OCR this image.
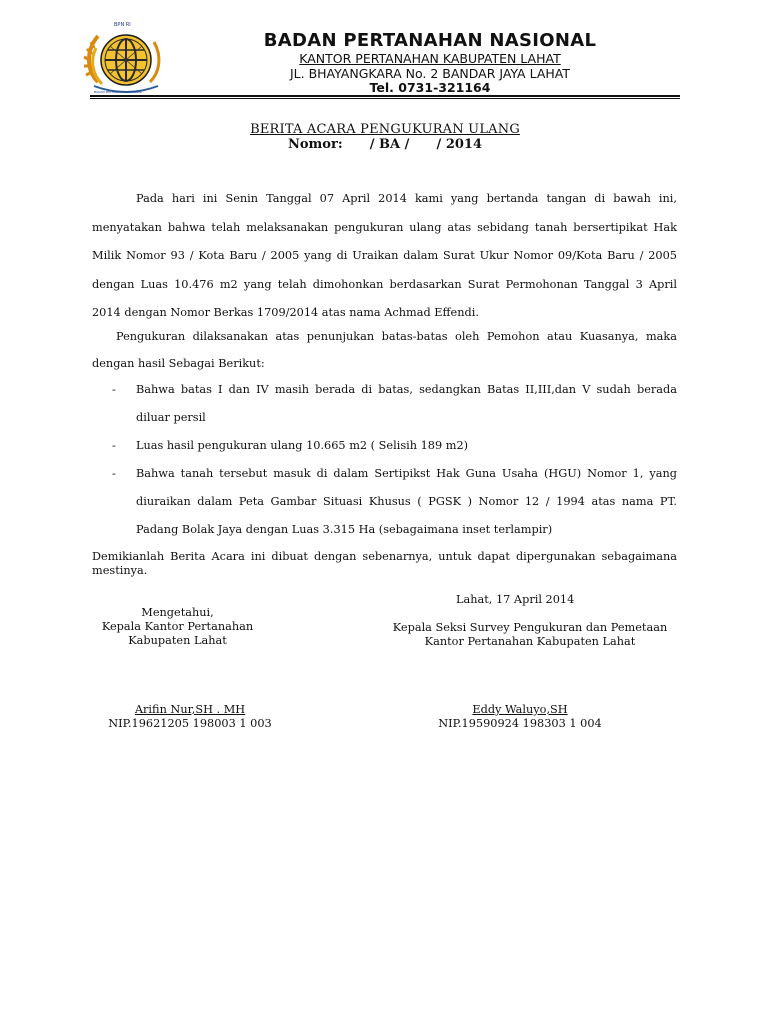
BPN RI
BADAN PERTANAHAN NASIONAL
BADAN PERTANAHAN NASIONAL
KANTOR PERTANAHAN KABUPATEN LAHAT
JL. BHAYANGKARA No. 2 BANDAR JAYA LAHAT
Tel. 0731-321164
BERITA ACARA PENGUKURAN ULANG
Nomor:      / BA /      / 2014
Pada hari ini Senin Tanggal 07 April 2014 kami yang bertanda tangan di bawah ini, menyatakan bahwa telah melaksanakan pengukuran ulang atas sebidang tanah bersertipikat Hak Milik Nomor 93 / Kota Baru / 2005 yang di Uraikan dalam Surat Ukur Nomor 09/Kota Baru / 2005 dengan Luas 10.476 m2 yang telah dimohonkan berdasarkan Surat Permohonan Tanggal 3 April 2014 dengan Nomor Berkas 1709/2014 atas nama Achmad Effendi.
Pengukuran dilaksanakan atas penunjukan batas-batas oleh Pemohon atau Kuasanya, maka dengan hasil Sebagai Berikut:
- Bahwa batas I dan IV masih berada di batas, sedangkan Batas II,III,dan V sudah berada diluar persil
- Luas hasil pengukuran ulang 10.665 m2 ( Selisih 189 m2)
- Bahwa tanah tersebut masuk di dalam Sertipikst Hak Guna Usaha (HGU) Nomor 1, yang diuraikan dalam Peta Gambar Situasi Khusus ( PGSK ) Nomor 12 / 1994 atas nama PT. Padang Bolak Jaya dengan Luas 3.315 Ha (sebagaimana inset terlampir)
Demikianlah Berita Acara ini dibuat dengan sebenarnya, untuk dapat dipergunakan sebagaimana mestinya.
Lahat, 17 April 2014
Mengetahui,
Kepala Kantor Pertanahan
Kabupaten Lahat
Kepala Seksi Survey Pengukuran dan Pemetaan
Kantor Pertanahan Kabupaten Lahat
Arifin Nur,SH . MH
NIP.19621205 198003 1 003
Eddy Waluyo,SH
NIP.19590924 198303 1 004
